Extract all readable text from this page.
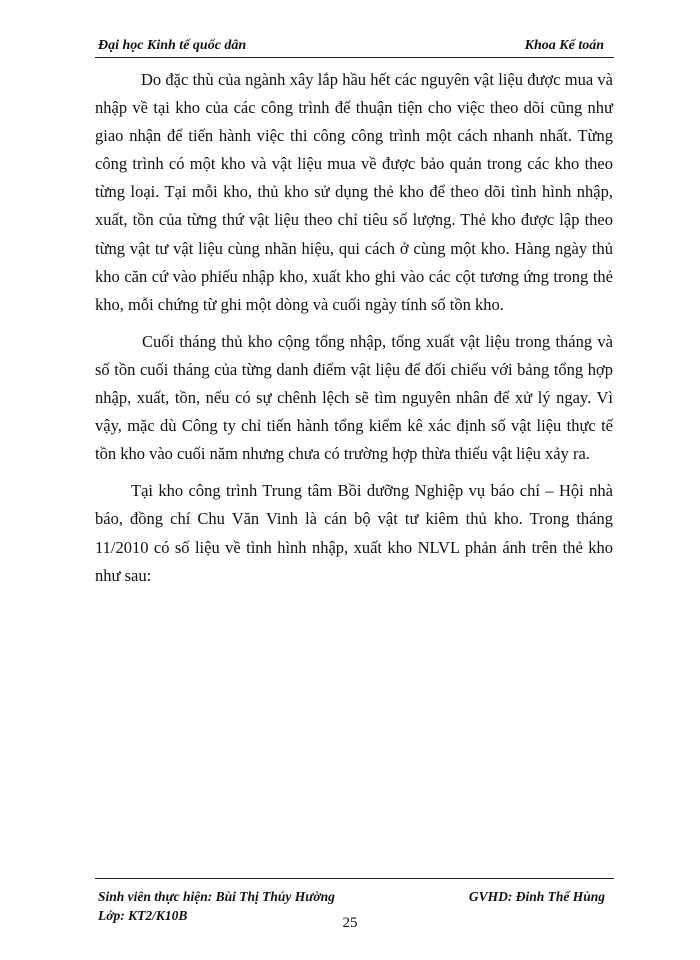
Đại học Kinh tế quốc dân	Khoa Kế toán

Do đặc thù của ngành xây lắp hầu hết các nguyên vật liệu được mua và nhập về tại kho của các công trình để thuận tiện cho việc theo dõi cũng như giao nhận để tiến hành việc thi công công trình một cách nhanh nhất. Từng công trình có một kho và vật liệu mua về được bảo quản trong các kho theo từng loại. Tại mỗi kho, thủ kho sử dụng thẻ kho để theo dõi tình hình nhập, xuất, tồn của từng thứ vật liệu theo chỉ tiêu số lượng. Thẻ kho được lập theo từng vật tư vật liệu cùng nhãn hiệu, qui cách ở cùng một kho. Hàng ngày thủ kho căn cứ vào phiếu nhập kho, xuất kho ghi vào các cột tương ứng trong thẻ kho, mỗi chứng từ ghi một dòng và cuối ngày tính số tồn kho.

Cuối tháng thủ kho cộng tổng nhập, tổng xuất vật liệu trong tháng và số tồn cuối tháng của từng danh điểm vật liệu để đối chiếu với bảng tổng hợp nhập, xuất, tồn, nếu có sự chênh lệch sẽ tìm nguyên nhân để xử lý ngay. Vì vậy, mặc dù Công ty chỉ tiến hành tổng kiểm kê xác định số vật liệu thực tế tồn kho vào cuối năm nhưng chưa có trường hợp thừa thiếu vật liệu xảy ra.

Tại kho công trình Trung tâm Bồi dưỡng Nghiệp vụ báo chí – Hội nhà báo, đồng chí Chu Văn Vinh là cán bộ vật tư kiêm thủ kho. Trong tháng 11/2010 có số liệu về tình hình nhập, xuất kho NLVL phản ánh trên thẻ kho như sau:

Sinh viên thực hiện: Bùi Thị Thúy Hường	GVHD: Đinh Thế Hùng
Lớp: KT2/K10B	25
